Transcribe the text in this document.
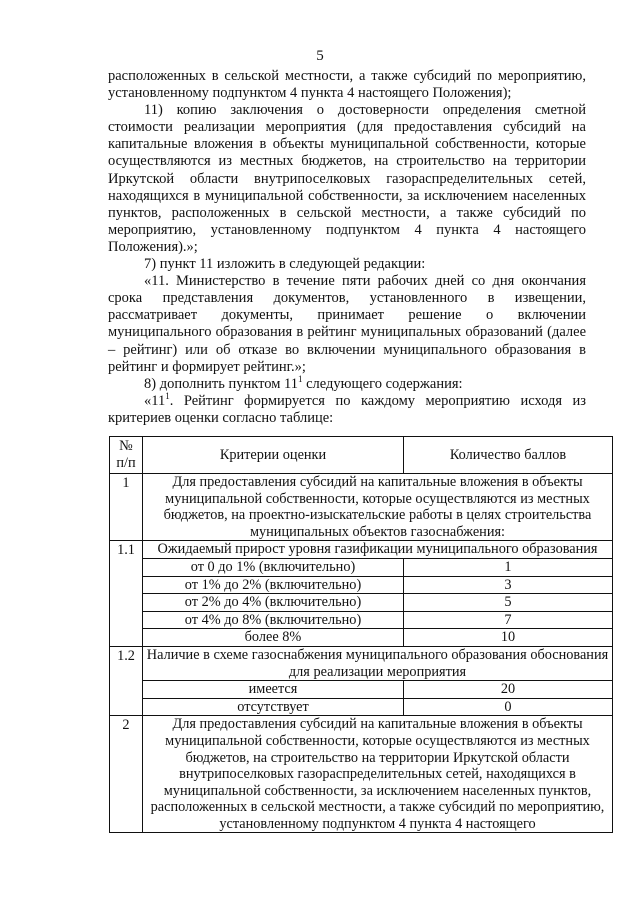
5

расположенных в сельской местности, а также субсидий по мероприятию, установленному подпунктом 4 пункта 4 настоящего Положения);

11) копию заключения о достоверности определения сметной стоимости реализации мероприятия (для предоставления субсидий на капитальные вложения в объекты муниципальной собственности, которые осуществляются из местных бюджетов, на строительство на территории Иркутской области внутрипоселковых газораспределительных сетей, находящихся в муниципальной собственности, за исключением населенных пунктов, расположенных в сельской местности, а также субсидий по мероприятию, установленному подпунктом 4 пункта 4 настоящего Положения).»;

7) пункт 11 изложить в следующей редакции:

«11. Министерство в течение пяти рабочих дней со дня окончания срока представления документов, установленного в извещении, рассматривает документы, принимает решение о включении муниципального образования в рейтинг муниципальных образований (далее – рейтинг) или об отказе во включении муниципального образования в рейтинг и формирует рейтинг.»;

8) дополнить пунктом $11^1$ следующего содержания:

«$11^1$. Рейтинг формируется по каждому мероприятию исходя из критериев оценки согласно таблице:

№ п/п	Критерии оценки	Количество баллов
1	Для предоставления субсидий на капитальные вложения в объекты муниципальной собственности, которые осуществляются из местных бюджетов, на проектно-изыскательские работы в целях строительства муниципальных объектов газоснабжения:	
1.1	Ожидаемый прирост уровня газификации муниципального образования	
	от 0 до 1% (включительно)	1
	от 1% до 2% (включительно)	3
	от 2% до 4% (включительно)	5
	от 4% до 8% (включительно)	7
	более 8%	10
1.2	Наличие в схеме газоснабжения муниципального образования обоснования для реализации мероприятия	
	имеется	20
	отсутствует	0
2	Для предоставления субсидий на капитальные вложения в объекты муниципальной собственности, которые осуществляются из местных бюджетов, на строительство на территории Иркутской области внутрипоселковых газораспределительных сетей, находящихся в муниципальной собственности, за исключением населенных пунктов, расположенных в сельской местности, а также субсидий по мероприятию, установленному подпунктом 4 пункта 4 настоящего	
